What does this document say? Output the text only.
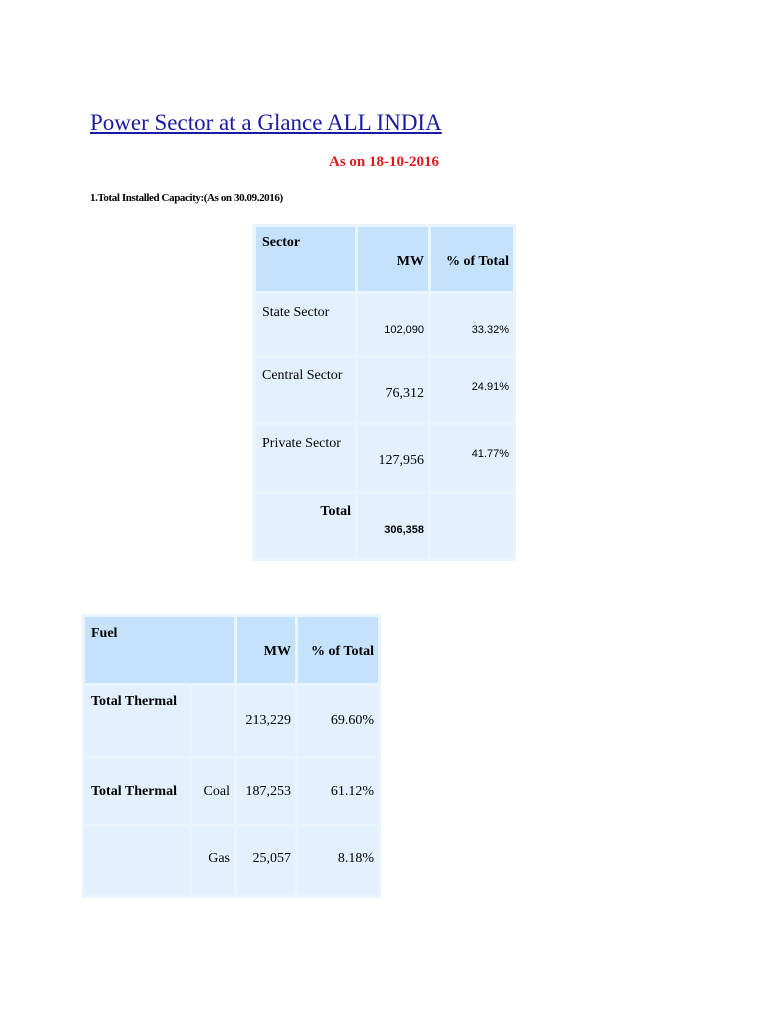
Power Sector at a Glance ALL INDIA
As on 18-10-2016
1.Total Installed Capacity:(As on 30.09.2016)
Sector	MW	% of Total

State Sector	102,090	33.32%

Central Sector	76,312	24.91%

Private Sector	127,956	41.77%

Total	306,358	

Fuel		MW	% of Total

Total Thermal		213,229	69.60%

Total Thermal	Coal	187,253	61.12%

	Gas	25,057	8.18%
